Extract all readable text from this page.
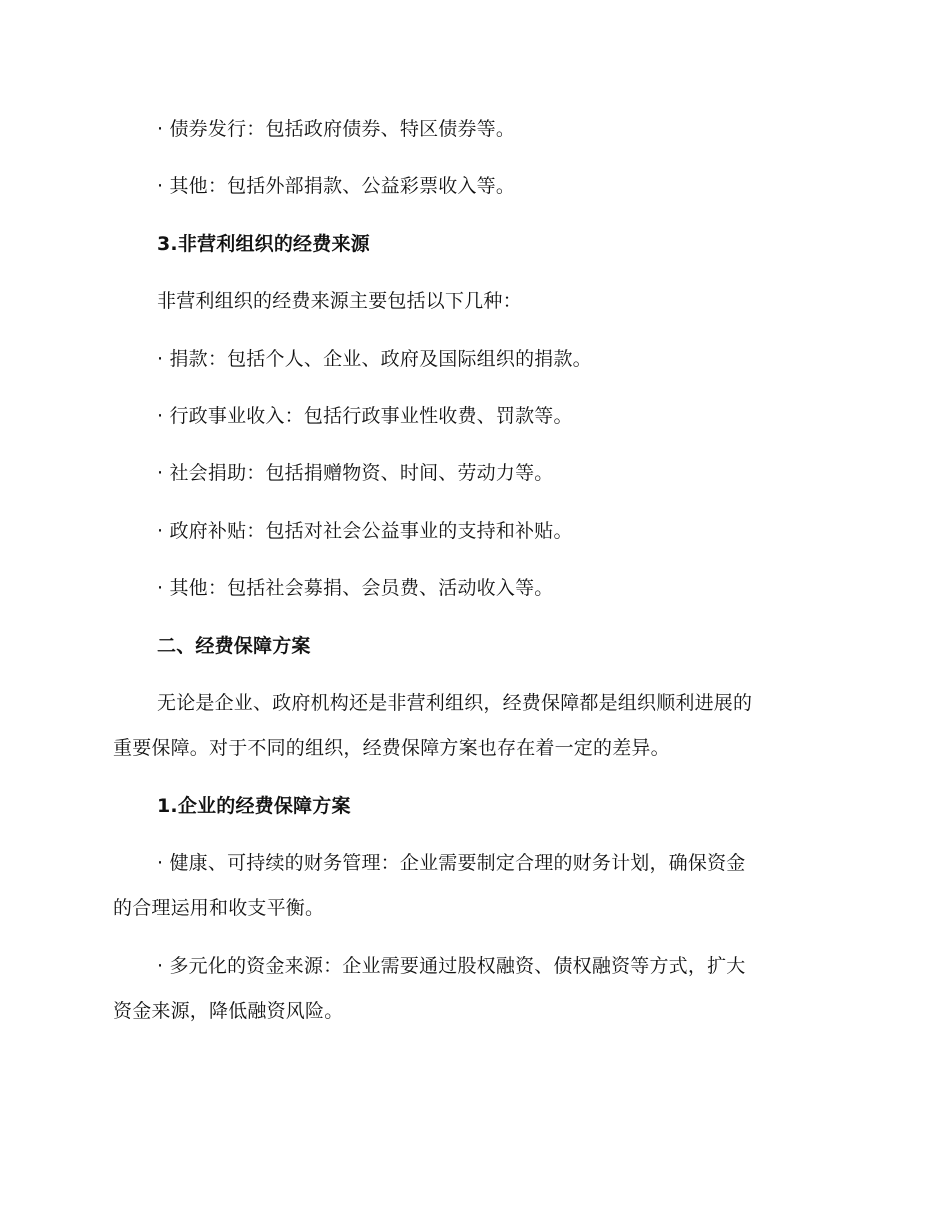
· 债券发行：包括政府债券、特区债券等。
· 其他：包括外部捐款、公益彩票收入等。
3.非营利组织的经费来源
非营利组织的经费来源主要包括以下几种：
· 捐款：包括个人、企业、政府及国际组织的捐款。
· 行政事业收入：包括行政事业性收费、罚款等。
· 社会捐助：包括捐赠物资、时间、劳动力等。
· 政府补贴：包括对社会公益事业的支持和补贴。
· 其他：包括社会募捐、会员费、活动收入等。
二、经费保障方案
无论是企业、政府机构还是非营利组织，经费保障都是组织顺利进展的
重要保障。对于不同的组织，经费保障方案也存在着一定的差异。
1.企业的经费保障方案
· 健康、可持续的财务管理：企业需要制定合理的财务计划，确保资金
的合理运用和收支平衡。
· 多元化的资金来源：企业需要通过股权融资、债权融资等方式，扩大
资金来源，降低融资风险。
